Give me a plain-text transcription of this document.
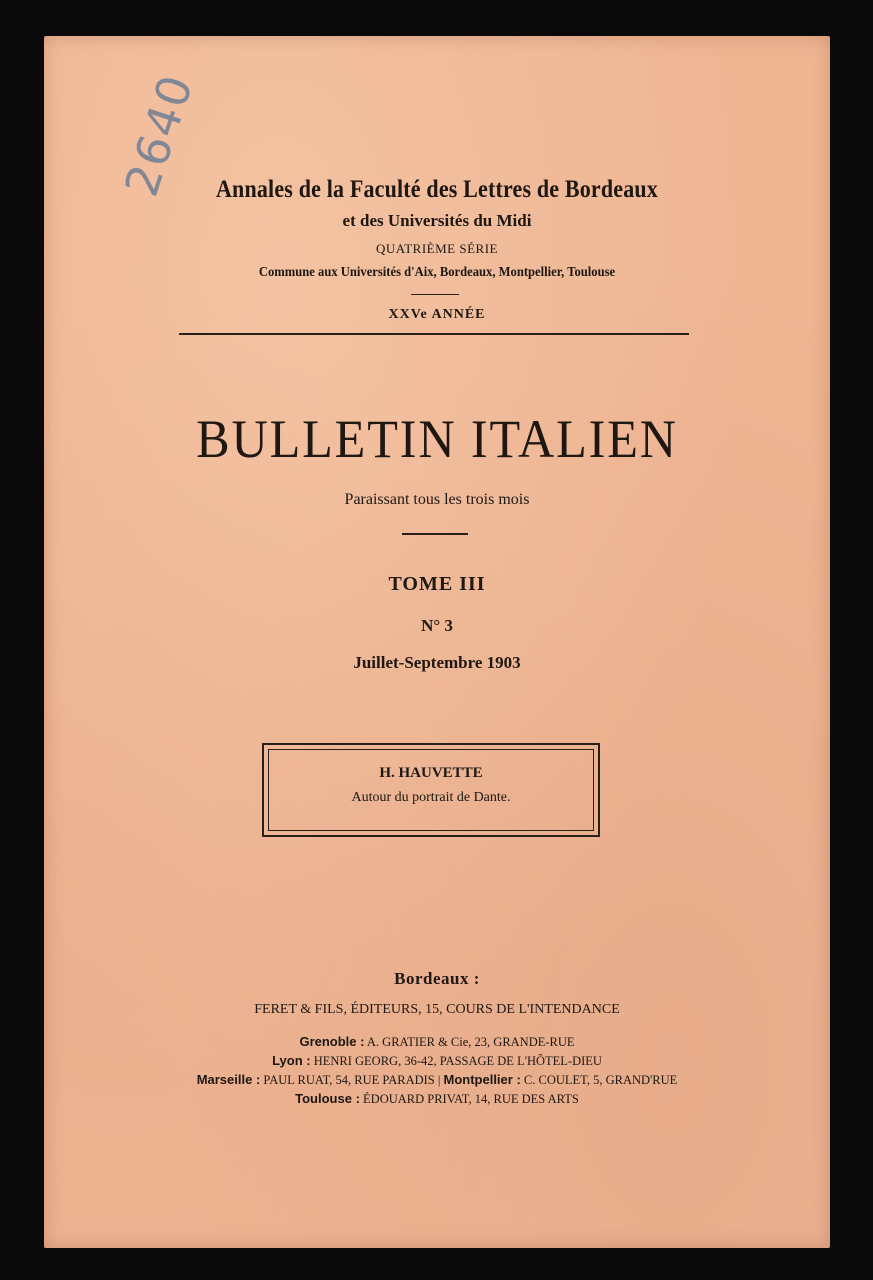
2640 Annales de la Faculté des Lettres de Bordeaux
et des Universités du Midi
QUATRIÈME SÉRIE
Commune aux Universités d'Aix, Bordeaux, Montpellier, Toulouse
XXVe ANNÉE
BULLETIN ITALIEN
Paraissant tous les trois mois
TOME III
N° 3
Juillet-Septembre 1903
H. HAUVETTE
Autour du portrait de Dante.
Bordeaux :
FERET & FILS, ÉDITEURS, 15, COURS DE L'INTENDANCE
Grenoble : A. GRATIER & Cie, 23, GRANDE-RUE
Lyon : HENRI GEORG, 36-42, PASSAGE DE L'HÔTEL-DIEU
Marseille : PAUL RUAT, 54, RUE PARADIS | Montpellier : C. COULET, 5, GRAND'RUE
Toulouse : ÉDOUARD PRIVAT, 14, RUE DES ARTS
